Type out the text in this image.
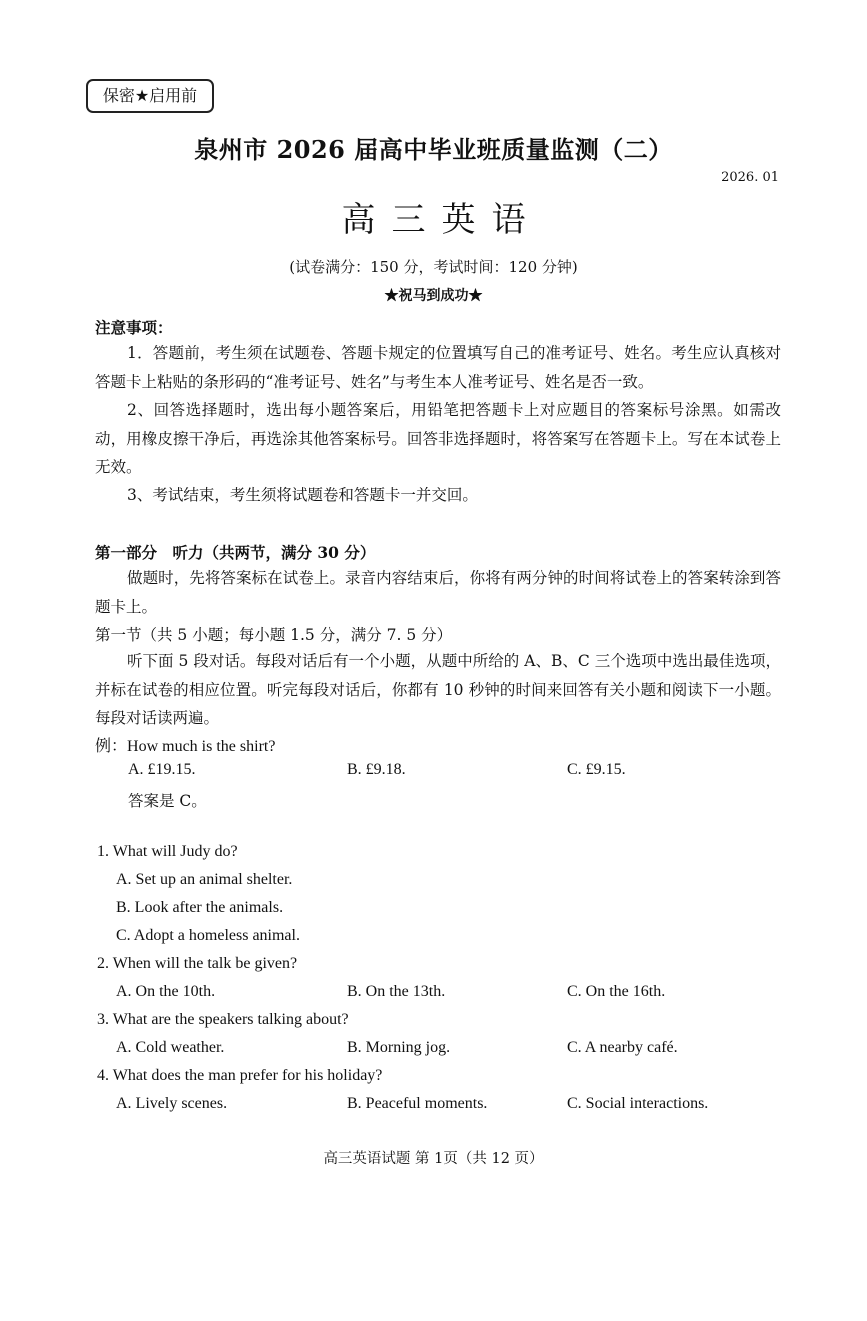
保密★启用前
泉州市 2026 届高中毕业班质量监测（二）
2026. 01
高三英语
(试卷满分：150 分，考试时间：120 分钟)
★祝马到成功★
注意事项：
1．答题前，考生须在试题卷、答题卡规定的位置填写自己的准考证号、姓名。考生应认真核对答题卡上粘贴的条形码的“准考证号、姓名”与考生本人准考证号、姓名是否一致。
2、回答选择题时，选出每小题答案后，用铅笔把答题卡上对应题目的答案标号涂黑。如需改动，用橡皮擦干净后，再选涂其他答案标号。回答非选择题时，将答案写在答题卡上。写在本试卷上无效。
3、考试结束，考生须将试题卷和答题卡一并交回。
第一部分　听力（共两节，满分 30 分）
做题时，先将答案标在试卷上。录音内容结束后，你将有两分钟的时间将试卷上的答案转涂到答题卡上。
第一节（共 5 小题；每小题 1.5 分，满分 7. 5 分）
听下面 5 段对话。每段对话后有一个小题，从题中所给的 A、B、C 三个选项中选出最佳选项，并标在试卷的相应位置。听完每段对话后，你都有 10 秒钟的时间来回答有关小题和阅读下一小题。每段对话读两遍。
例：How much is the shirt?
A. £19.15.	B. £9.18.	C. £9.15.
答案是 C。
1. What will Judy do?
A. Set up an animal shelter.
B. Look after the animals.
C. Adopt a homeless animal.
2. When will the talk be given?
A. On the 10th.	B. On the 13th.	C. On the 16th.
3. What are the speakers talking about?
A. Cold weather.	B. Morning jog.	C. A nearby café.
4. What does the man prefer for his holiday?
A. Lively scenes.	B. Peaceful moments.	C. Social interactions.
高三英语试题 第 1页（共 12 页）
